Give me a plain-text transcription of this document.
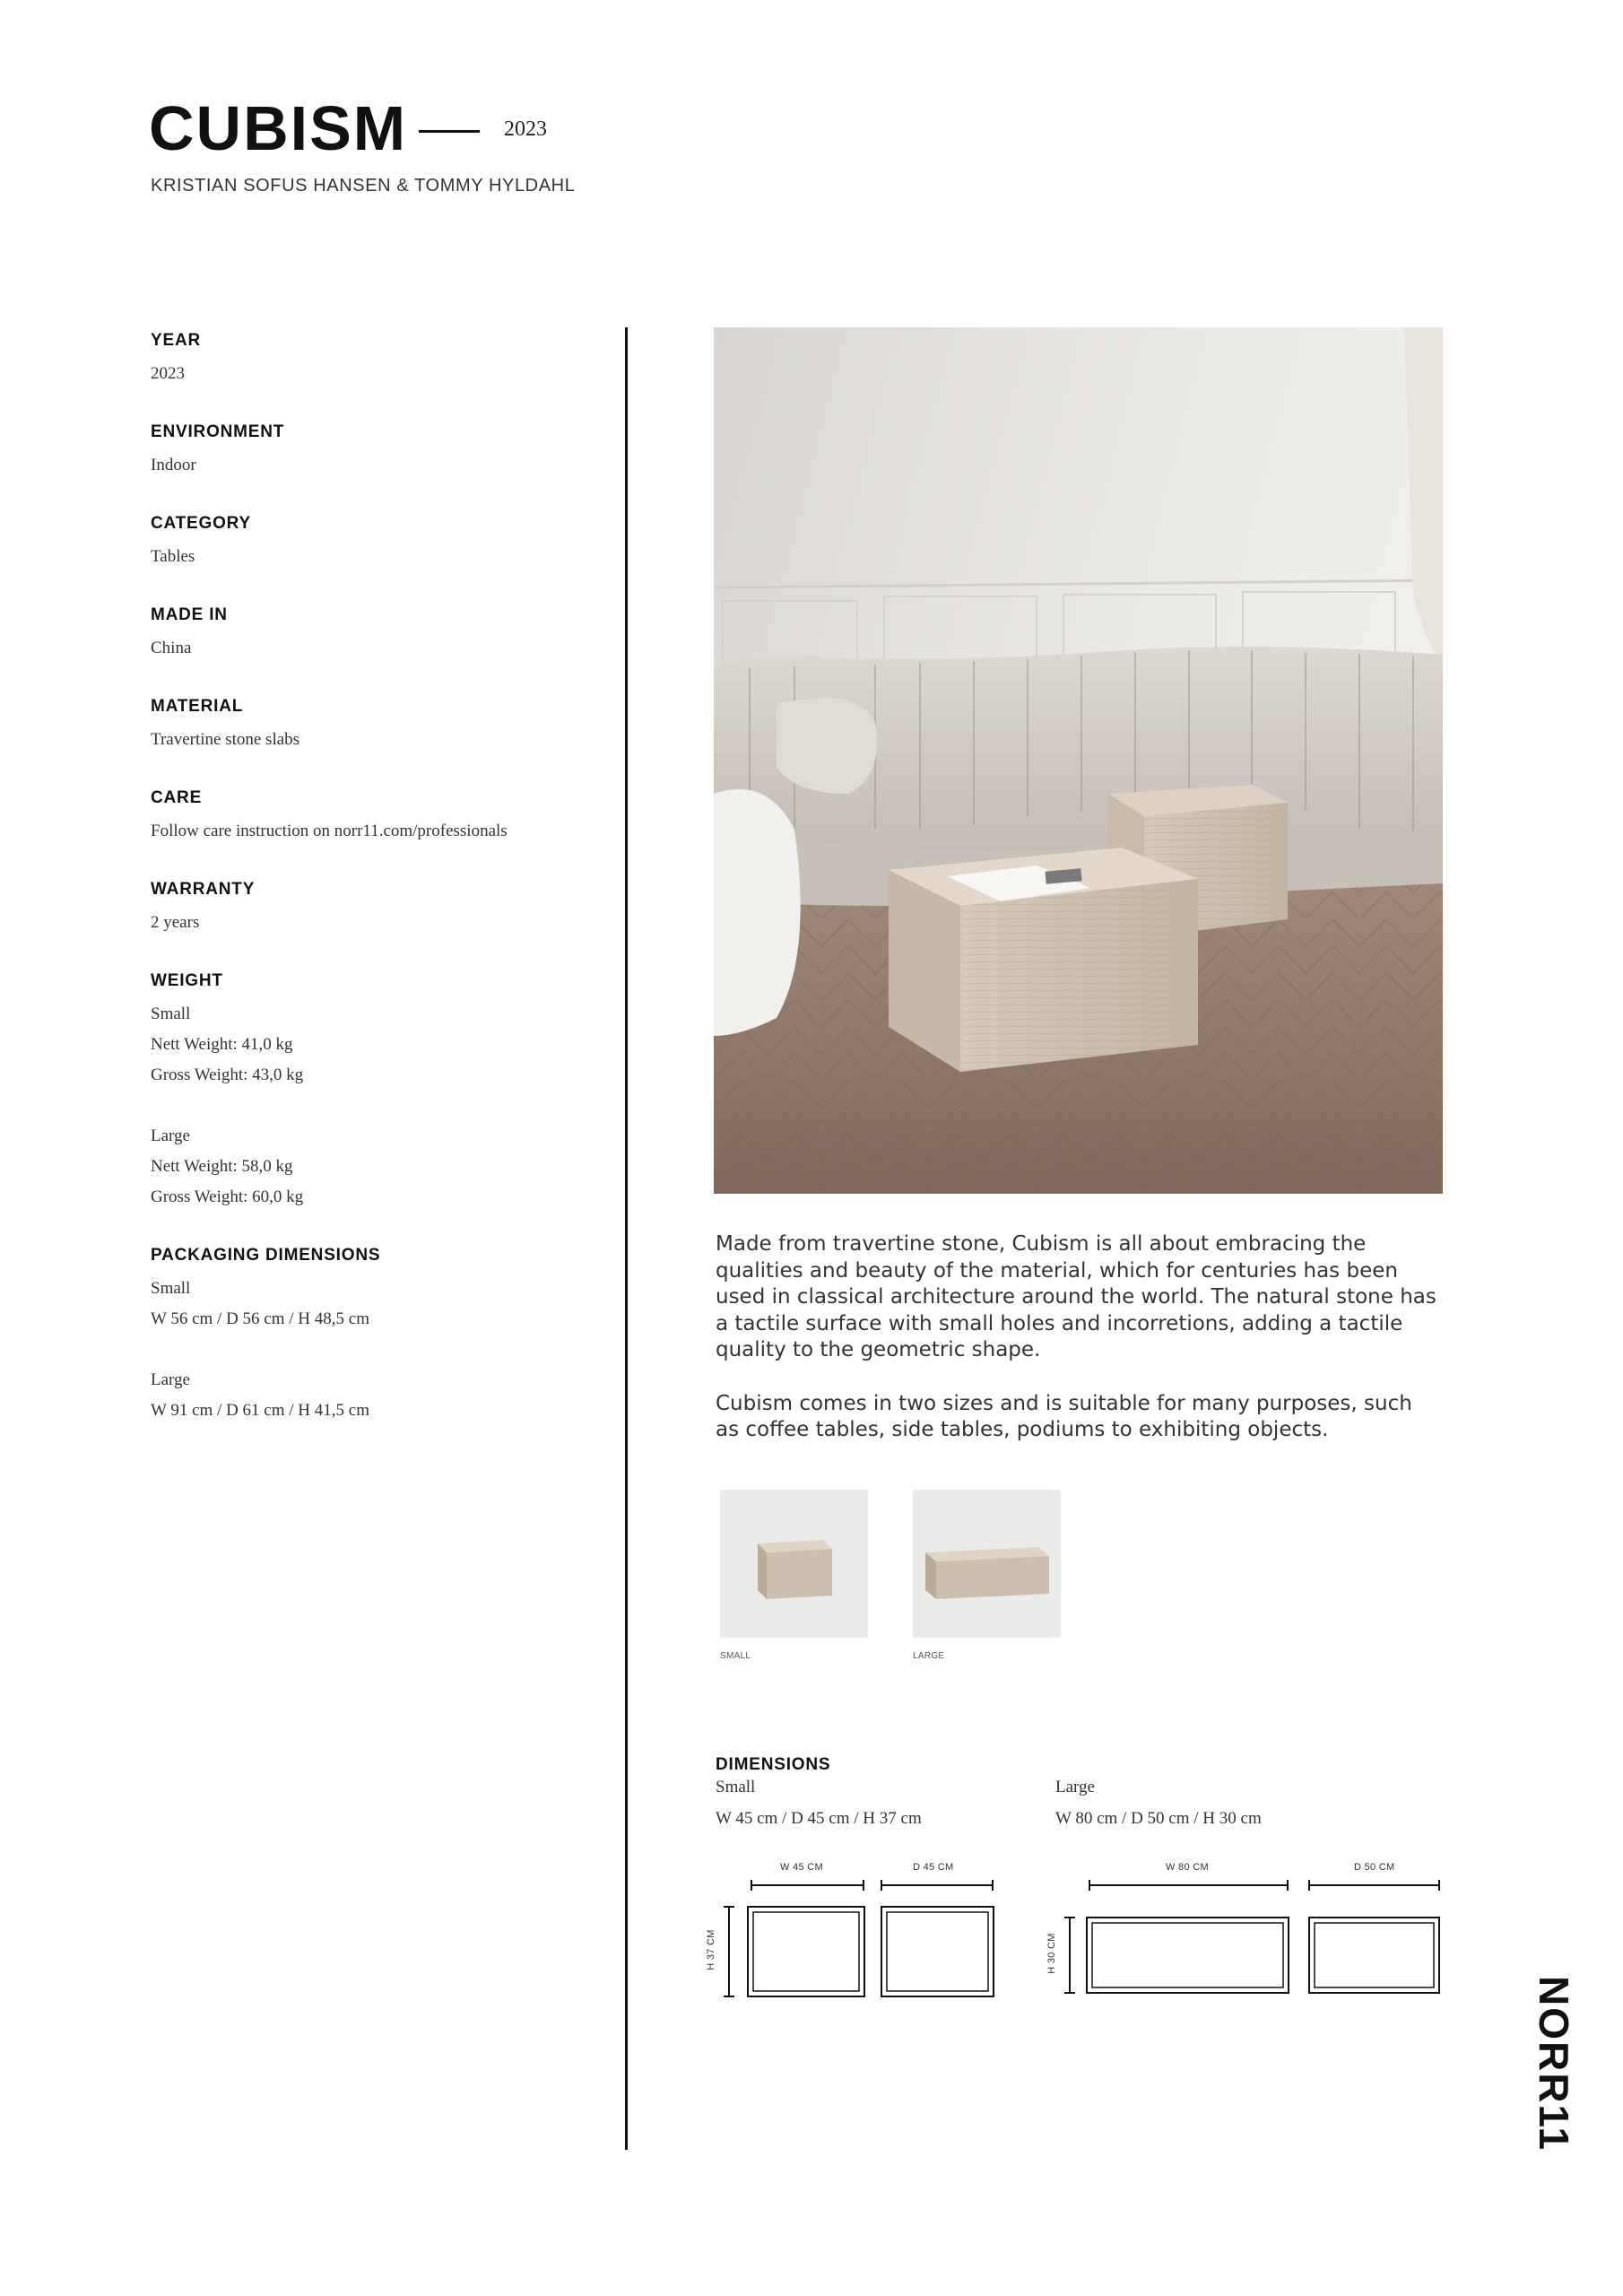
CUBISM	2023
KRISTIAN SOFUS HANSEN & TOMMY HYLDAHL
YEAR
2023
ENVIRONMENT
Indoor
CATEGORY
Tables
MADE IN
China
MATERIAL
Travertine stone slabs
CARE
Follow care instruction on norr11.com/professionals
WARRANTY
2 years
WEIGHT
Small
Nett Weight: 41,0 kg
Gross Weight: 43,0 kg
Large
Nett Weight: 58,0 kg
Gross Weight: 60,0 kg
PACKAGING DIMENSIONS
Small
W 56 cm / D 56 cm / H 48,5 cm
Large
W 91 cm / D 61 cm / H 41,5 cm

Made from travertine stone, Cubism is all about embracing the qualities and beauty of the material, which for centuries has been used in classical architecture around the world. The natural stone has a tactile surface with small holes and incorretions, adding a tactile quality to the geometric shape.

Cubism comes in two sizes and is suitable for many purposes, such as coffee tables, side tables, podiums to exhibiting objects.

SMALL	LARGE
DIMENSIONS
Small
W 45 cm / D 45 cm / H 37 cm
Large
W 80 cm / D 50 cm / H 30 cm
W 45 CM	D 45 CM
H 37 CM
W 80 CM	D 50 CM
H 30 CM
NORR11
